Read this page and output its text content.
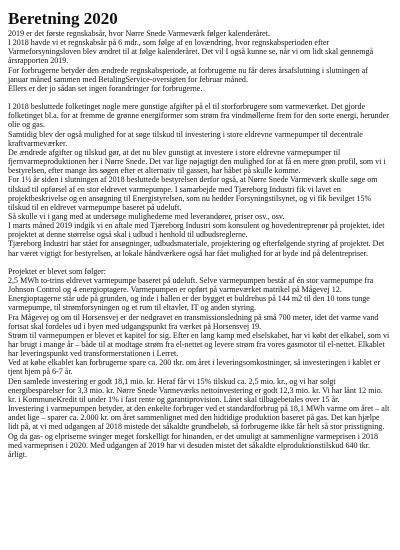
Beretning 2020

2019 er det første regnskabsår, hvor Nørre Snede Varmeværk følger kalenderåret.

I 2018 havde vi et regnskabsår på 6 mdr., som følge af en lovændring, hvor regnskabsperioden efter Varmeforsyningsloven blev ændret til at følge kalenderåret. Det vil I også kunne se, når vi om lidt skal gennemgå årsrapporten 2019.

For forbrugerne betyder den ændrede regnskabsperiode, at forbrugerne nu får deres årsafslutning i slutningen af januar måned sammen med BetalingService-oversigten for februar måned.

Ellers er der jo sådan set ingen forandringer for forbrugerne.

I 2018 besluttede folketinget nogle mere gunstige afgifter på el til storforbrugere som varmeværket. Det gjorde folketinget bl.a. for at fremme de grønne energiformer som strøm fra vindmøllerne frem for den sorte energi, herunder olie og gas.

Samtidig blev der også mulighed for at søge tilskud til investering i store eldrevne varmepumper til decentrale kraftvarmeværker.

De ændrede afgifter og tilskud gør, at det nu blev gunstigt at investere i store eldrevne varmepumper til fjernvarmeproduktionen her i Nørre Snede. Det var lige nøjagtigt den mulighed for at få en mere grøn profil, som vi i bestyrelsen, efter mange års søgen efter et alternativ til gassen, har håbet på skulle komme.

For 1½ år siden i slutningen af 2018 besluttede bestyrelsen derfor også, at Nørre Snede Varmeværk skulle søge om tilskud til opførsel af en stor eldrevet varmepumpe. I samarbejde med Tjæreborg Industri fik vi lavet en projektbeskrivelse og en ansøgning til Energistyrelsen, som nu hedder Forsyningstilsynet, og vi fik bevilget 15% tilskud til en eldrevet varmepumpe baseret på udeluft.

Så skulle vi i gang med at undersøge mulighederne med leverandører, priser osv., osv.

I marts måned 2019 indgik vi en aftale med Tjæreborg Industri som konsulent og hovedentreprenør på projektet, idet projektet at denne størrelse også skal i udbud i henhold til udbudsreglerne.

Tjæreborg Industri har stået for ansøgninger, udbudsmateriale, projektering og efterfølgende styring af projektet. Det har været vigtigt for bestyrelsen, at lokale håndværkere også har fået mulighed for at byde ind på delentrepriser.

Projektet er blevet som følger:

2,5 MWh to-trins eldrevet varmepumpe baseret på udeluft. Selve varmepumpen består af én stor varmepumpe fra Johnson Control og 4 energioptagere. Varmepumpen er opført på varmeværket matrikel på Mågevej 12. Energioptagerne står ude på grunden, og inde i hallen er der bygget et buldrehus på 144 m2 til den 10 tons tunge varmepumpe, til strømforsyningen og et rum til eltavler, IT og anden styring.

Fra Mågevej og om til Horsensvej er der nedgravet en transmissionsledning på små 700 meter, idet det varme vand fortsat skal fordeles ud i byen med udgangspunkt fra værket på Horsensvej 19.

Strøm til varmepumpen er blevet et kapitel for sig. Efter en lang kamp med elselskabet, har vi købt det elkabel, som vi har brugt i mange år – både til at modtage strøm fra el-nettet og levere strøm fra vores gasmotor til el-nettet. Elkablet har leveringspunkt ved transformerstationen i Lerret.

Ved at købe elkablet kan forbrugerne spare ca. 200 tkr. om året i leveringsomkostninger, så investeringen i kablet er tjent hjem på 6-7 år.

Den samlede investering er godt 18,1 mio. kr. Heraf får vi 15% tilskud ca. 2,5 mio. kr., og vi har solgt energibesparelser for 3,3 mio. kr. Nørre Snede Varmeværks nettoinvestering er godt 12,3 mio. kr. Vi har lånt 12 mio. kr. i KommuneKredit til under 1% i fast rente og garantiprovision. Lånet skal tilbagebetales over 15 år.

Investering i varmepumpen betyder, at den enkelte forbruger ved et standardforbrug på 18,1 MWh varme om året – alt andet lige – sparer ca. 2.000 kr. om året sammenlignet med den hidtidige produktion baseret på gas. Det kan hjælpe lidt på, at vi med udgangen af 2018 mistede det såkaldte grundbeløb, så forbrugerne ikke får helt så stor prisstigning. Og da gas- og elpriserne svinger meget forskelligt for hinanden, er det umuligt at sammenligne varmeprisen i 2018 med varmeprisen i 2020. Med udgangen af 2019 har vi desuden mistet det såkaldte elproduktionstilskud 640 tkr. årligt.
